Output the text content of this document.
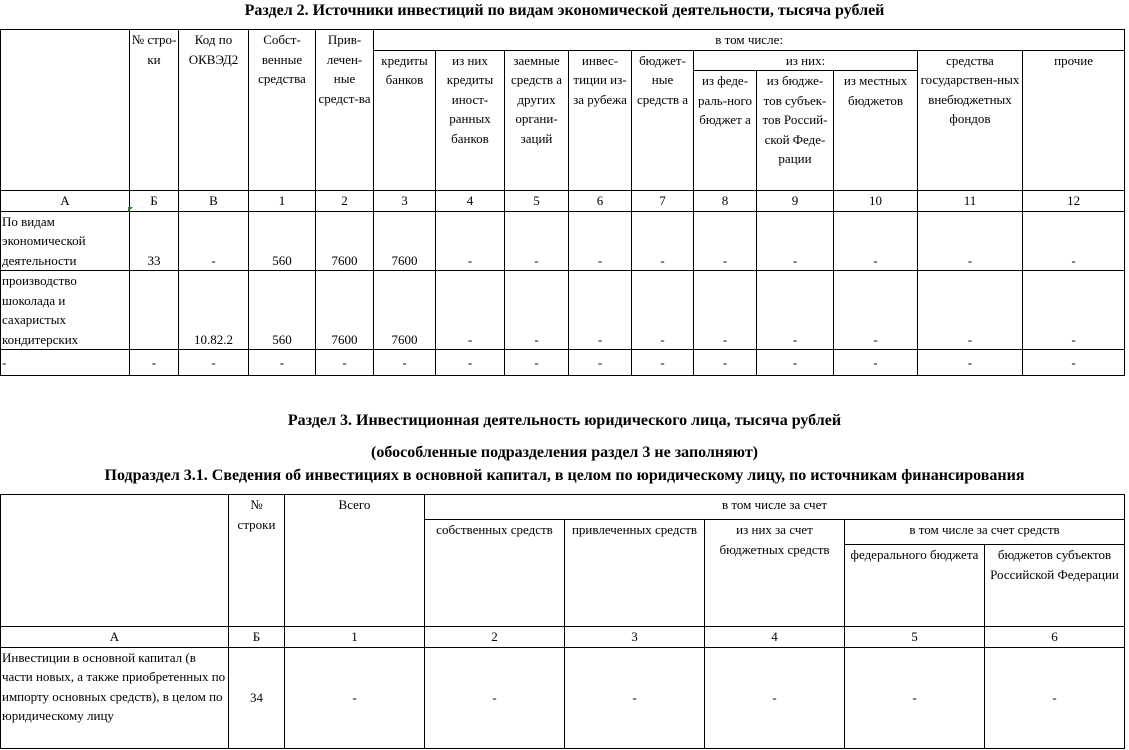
Раздел 2. Источники инвестиций по видам экономической деятельности, тысяча рублей
	№ стро-ки	Код по ОКВЭД2	Собст-венные средства	Прив-лечен-ные средст-ва	в том числе:									
					кредиты банков	из них кредиты иност-ранных банков	заемные средств а других органи-заций	инвес-тиции из-за рубежа	бюджет-ные средств а	из них:			средства государствен-ных внебюджетных фондов	прочие
										из феде-раль-ного бюджет а	из бюдже-тов субъек-тов Россий-ской Феде-рации	из местных бюджетов		
А	Б	В	1	2	3	4	5	6	7	8	9	10	11	12
По видам экономической деятельности	33	-	560	7600	7600	-	-	-	-	-	-	-	-	-
производство шоколада и сахаристых кондитерских		10.82.2	560	7600	7600	-	-	-	-	-	-	-	-	-
-	-	-	-	-	-	-	-	-	-	-	-	-	-	-
Раздел 3. Инвестиционная деятельность юридического лица, тысяча рублей
(обособленные подразделения раздел 3 не заполняют)
Подраздел 3.1. Сведения об инвестициях в основной капитал, в целом по юридическому лицу, по источникам финансирования
	№ строки	Всего	в том числе за счет				
			собственных средств	привлеченных средств	из них за счет бюджетных средств	в том числе за счет средств	
						федерального бюджета	бюджетов субъектов Российской Федерации
А	Б	1	2	3	4	5	6
Инвестиции в основной капитал (в части новых, а также приобретенных по импорту основных средств), в целом по юридическому лицу	34	-	-	-	-	-	-
